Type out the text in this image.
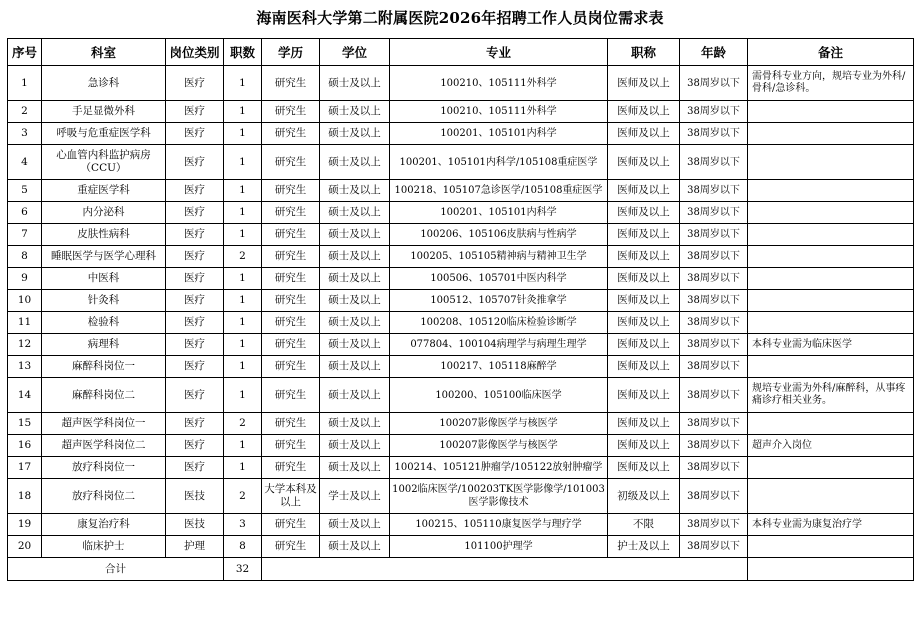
海南医科大学第二附属医院2026年招聘工作人员岗位需求表
序号	科室	岗位类别	职数	学历	学位	专业	职称	年龄	备注
1	急诊科	医疗	1	研究生	硕士及以上	100210、105111外科学	医师及以上	38周岁以下	需骨科专业方向，规培专业为外科/骨科/急诊科。
2	手足显微外科	医疗	1	研究生	硕士及以上	100210、105111外科学	医师及以上	38周岁以下	
3	呼吸与危重症医学科	医疗	1	研究生	硕士及以上	100201、105101内科学	医师及以上	38周岁以下	
4	心血管内科监护病房（CCU）	医疗	1	研究生	硕士及以上	100201、105101内科学/105108重症医学	医师及以上	38周岁以下	
5	重症医学科	医疗	1	研究生	硕士及以上	100218、105107急诊医学/105108重症医学	医师及以上	38周岁以下	
6	内分泌科	医疗	1	研究生	硕士及以上	100201、105101内科学	医师及以上	38周岁以下	
7	皮肤性病科	医疗	1	研究生	硕士及以上	100206、105106皮肤病与性病学	医师及以上	38周岁以下	
8	睡眠医学与医学心理科	医疗	2	研究生	硕士及以上	100205、105105精神病与精神卫生学	医师及以上	38周岁以下	
9	中医科	医疗	1	研究生	硕士及以上	100506、105701中医内科学	医师及以上	38周岁以下	
10	针灸科	医疗	1	研究生	硕士及以上	100512、105707针灸推拿学	医师及以上	38周岁以下	
11	检验科	医疗	1	研究生	硕士及以上	100208、105120临床检验诊断学	医师及以上	38周岁以下	
12	病理科	医疗	1	研究生	硕士及以上	077804、100104病理学与病理生理学	医师及以上	38周岁以下	本科专业需为临床医学
13	麻醉科岗位一	医疗	1	研究生	硕士及以上	100217、105118麻醉学	医师及以上	38周岁以下	
14	麻醉科岗位二	医疗	1	研究生	硕士及以上	100200、105100临床医学	医师及以上	38周岁以下	规培专业需为外科/麻醉科，从事疼痛诊疗相关业务。
15	超声医学科岗位一	医疗	2	研究生	硕士及以上	100207影像医学与核医学	医师及以上	38周岁以下	
16	超声医学科岗位二	医疗	1	研究生	硕士及以上	100207影像医学与核医学	医师及以上	38周岁以下	超声介入岗位
17	放疗科岗位一	医疗	1	研究生	硕士及以上	100214、105121肿瘤学/105122放射肿瘤学	医师及以上	38周岁以下	
18	放疗科岗位二	医技	2	大学本科及以上	学士及以上	1002临床医学/100203TK医学影像学/101003医学影像技术	初级及以上	38周岁以下	
19	康复治疗科	医技	3	研究生	硕士及以上	100215、105110康复医学与理疗学	不限	38周岁以下	本科专业需为康复治疗学
20	临床护士	护理	8	研究生	硕士及以上	101100护理学	护士及以上	38周岁以下	
合计			32						
